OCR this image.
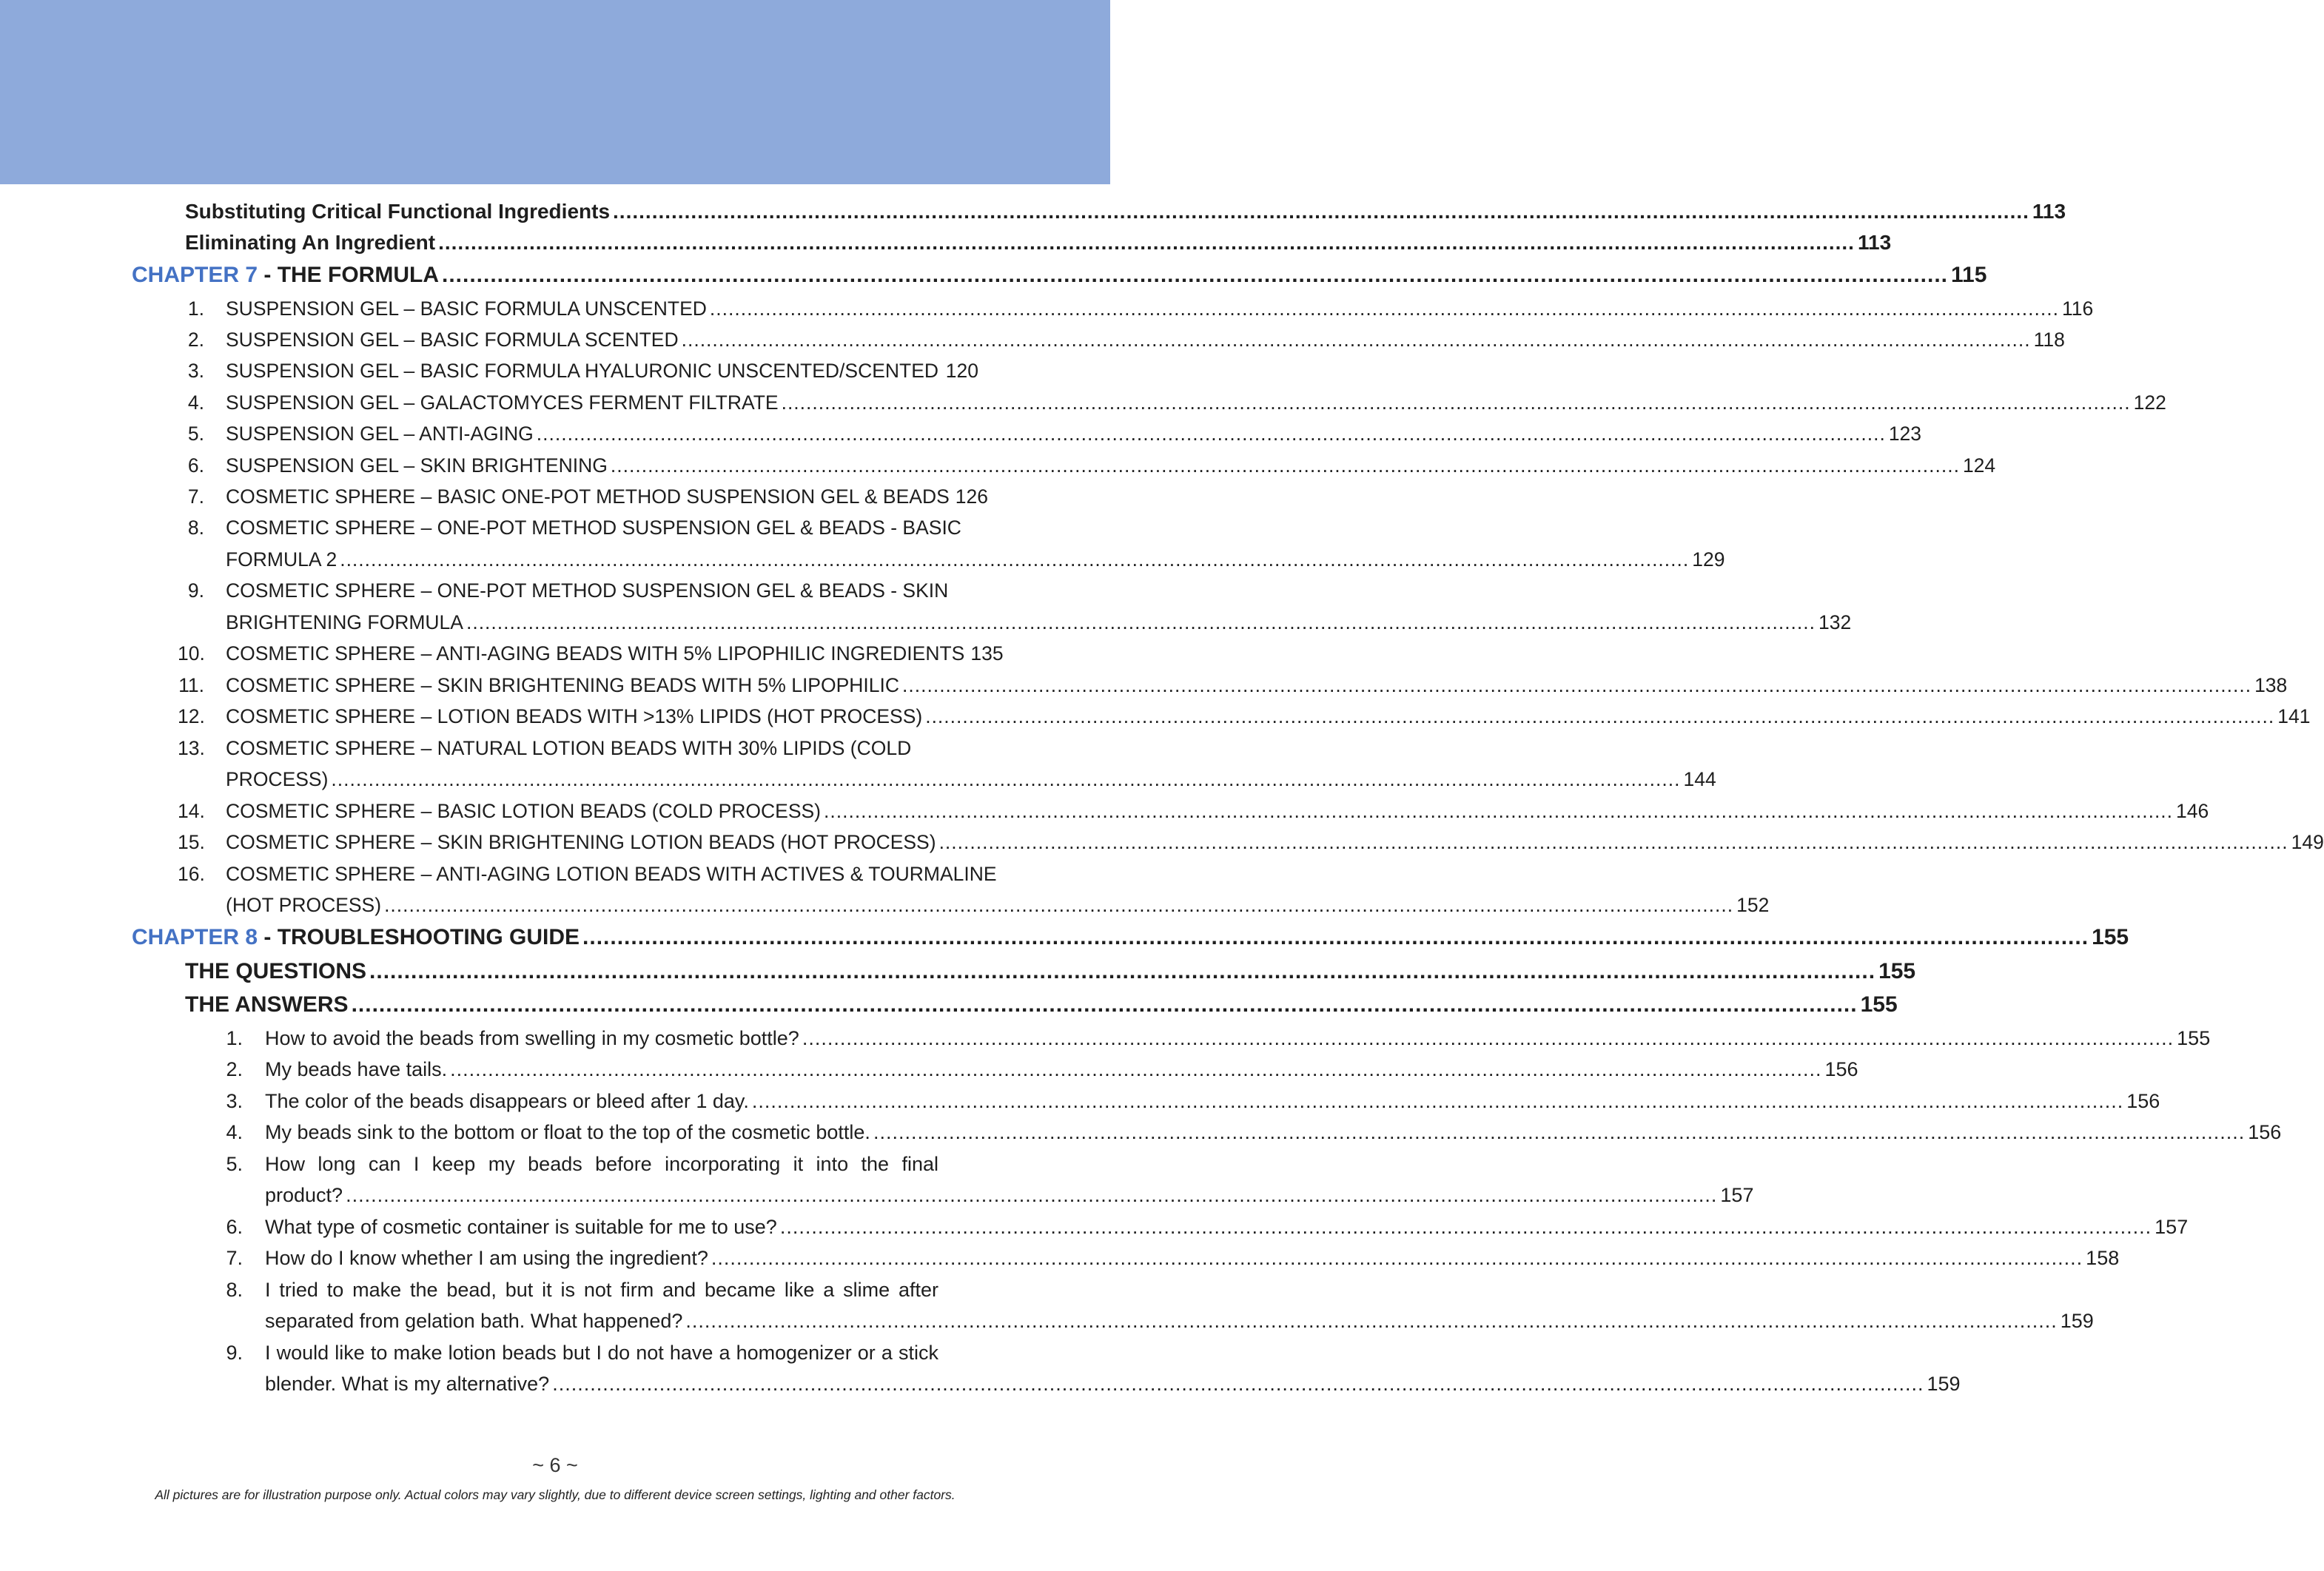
Substituting Critical Functional Ingredients .......................................................................................................................................................................................................................... 113
Eliminating An Ingredient .......................................................................................................................................................................................................................... 113
CHAPTER 7 - THE FORMULA .......................................................................................................................................................................................................................... 115
1. SUSPENSION GEL – BASIC FORMULA UNSCENTED .......................................................................................................................................................................................................................... 116
2. SUSPENSION GEL – BASIC FORMULA SCENTED .......................................................................................................................................................................................................................... 118
3. SUSPENSION GEL – BASIC FORMULA HYALURONIC UNSCENTED/SCENTED 120
4. SUSPENSION GEL – GALACTOMYCES FERMENT FILTRATE .......................................................................................................................................................................................................................... 122
5. SUSPENSION GEL – ANTI-AGING .......................................................................................................................................................................................................................... 123
6. SUSPENSION GEL – SKIN BRIGHTENING .......................................................................................................................................................................................................................... 124
7. COSMETIC SPHERE – BASIC ONE-POT METHOD SUSPENSION GEL & BEADS 126
8. COSMETIC SPHERE – ONE-POT METHOD SUSPENSION GEL & BEADS - BASIC
FORMULA 2 .......................................................................................................................................................................................................................... 129
9. COSMETIC SPHERE – ONE-POT METHOD SUSPENSION GEL & BEADS - SKIN
BRIGHTENING FORMULA .......................................................................................................................................................................................................................... 132
10. COSMETIC SPHERE – ANTI-AGING BEADS WITH 5% LIPOPHILIC INGREDIENTS 135
11. COSMETIC SPHERE – SKIN BRIGHTENING BEADS WITH 5% LIPOPHILIC .......................................................................................................................................................................................................................... 138
12. COSMETIC SPHERE – LOTION BEADS WITH >13% LIPIDS (HOT PROCESS) .......................................................................................................................................................................................................................... 141
13. COSMETIC SPHERE – NATURAL LOTION BEADS WITH 30% LIPIDS (COLD
PROCESS) .......................................................................................................................................................................................................................... 144
14. COSMETIC SPHERE – BASIC LOTION BEADS (COLD PROCESS) .......................................................................................................................................................................................................................... 146
15. COSMETIC SPHERE – SKIN BRIGHTENING LOTION BEADS (HOT PROCESS) .......................................................................................................................................................................................................................... 149
16. COSMETIC SPHERE – ANTI-AGING LOTION BEADS WITH ACTIVES & TOURMALINE
(HOT PROCESS) .......................................................................................................................................................................................................................... 152
CHAPTER 8 - TROUBLESHOOTING GUIDE .......................................................................................................................................................................................................................... 155
THE QUESTIONS .......................................................................................................................................................................................................................... 155
THE ANSWERS .......................................................................................................................................................................................................................... 155
1. How to avoid the beads from swelling in my cosmetic bottle? .......................................................................................................................................................................................................................... 155
2. My beads have tails. .......................................................................................................................................................................................................................... 156
3. The color of the beads disappears or bleed after 1 day. .......................................................................................................................................................................................................................... 156
4. My beads sink to the bottom or float to the top of the cosmetic bottle. .......................................................................................................................................................................................................................... 156
5. How long can I keep my beads before incorporating it into the final
product? .......................................................................................................................................................................................................................... 157
6. What type of cosmetic container is suitable for me to use? .......................................................................................................................................................................................................................... 157
7. How do I know whether I am using the ingredient? .......................................................................................................................................................................................................................... 158
8. I tried to make the bead, but it is not firm and became like a slime after
separated from gelation bath. What happened? .......................................................................................................................................................................................................................... 159
9. I would like to make lotion beads but I do not have a homogenizer or a stick
blender. What is my alternative? .......................................................................................................................................................................................................................... 159
~ 6 ~
All pictures are for illustration purpose only. Actual colors may vary slightly, due to different device screen settings, lighting and other factors.
